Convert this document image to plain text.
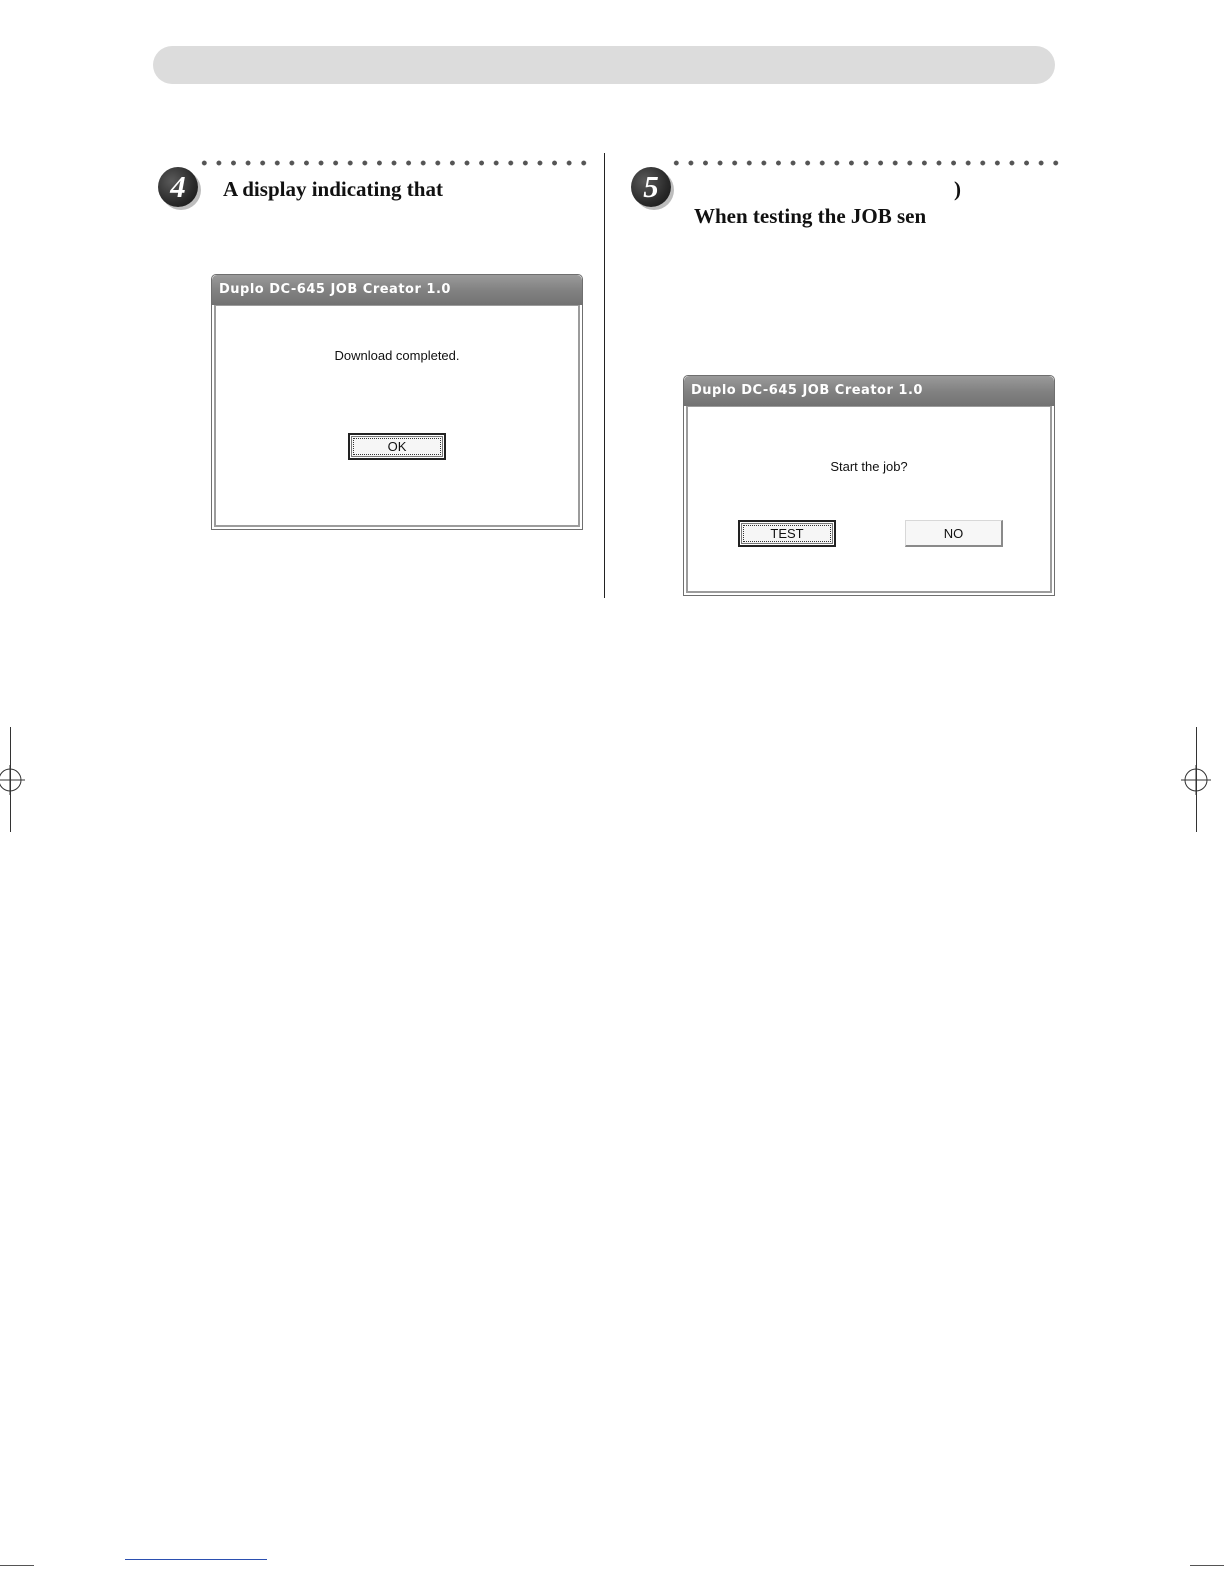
4	A display indicating that
Duplo DC-645 JOB Creator 1.0
Download completed.
OK
5	)
When testing the JOB sen
Duplo DC-645 JOB Creator 1.0
Start the job?
TEST	NO
